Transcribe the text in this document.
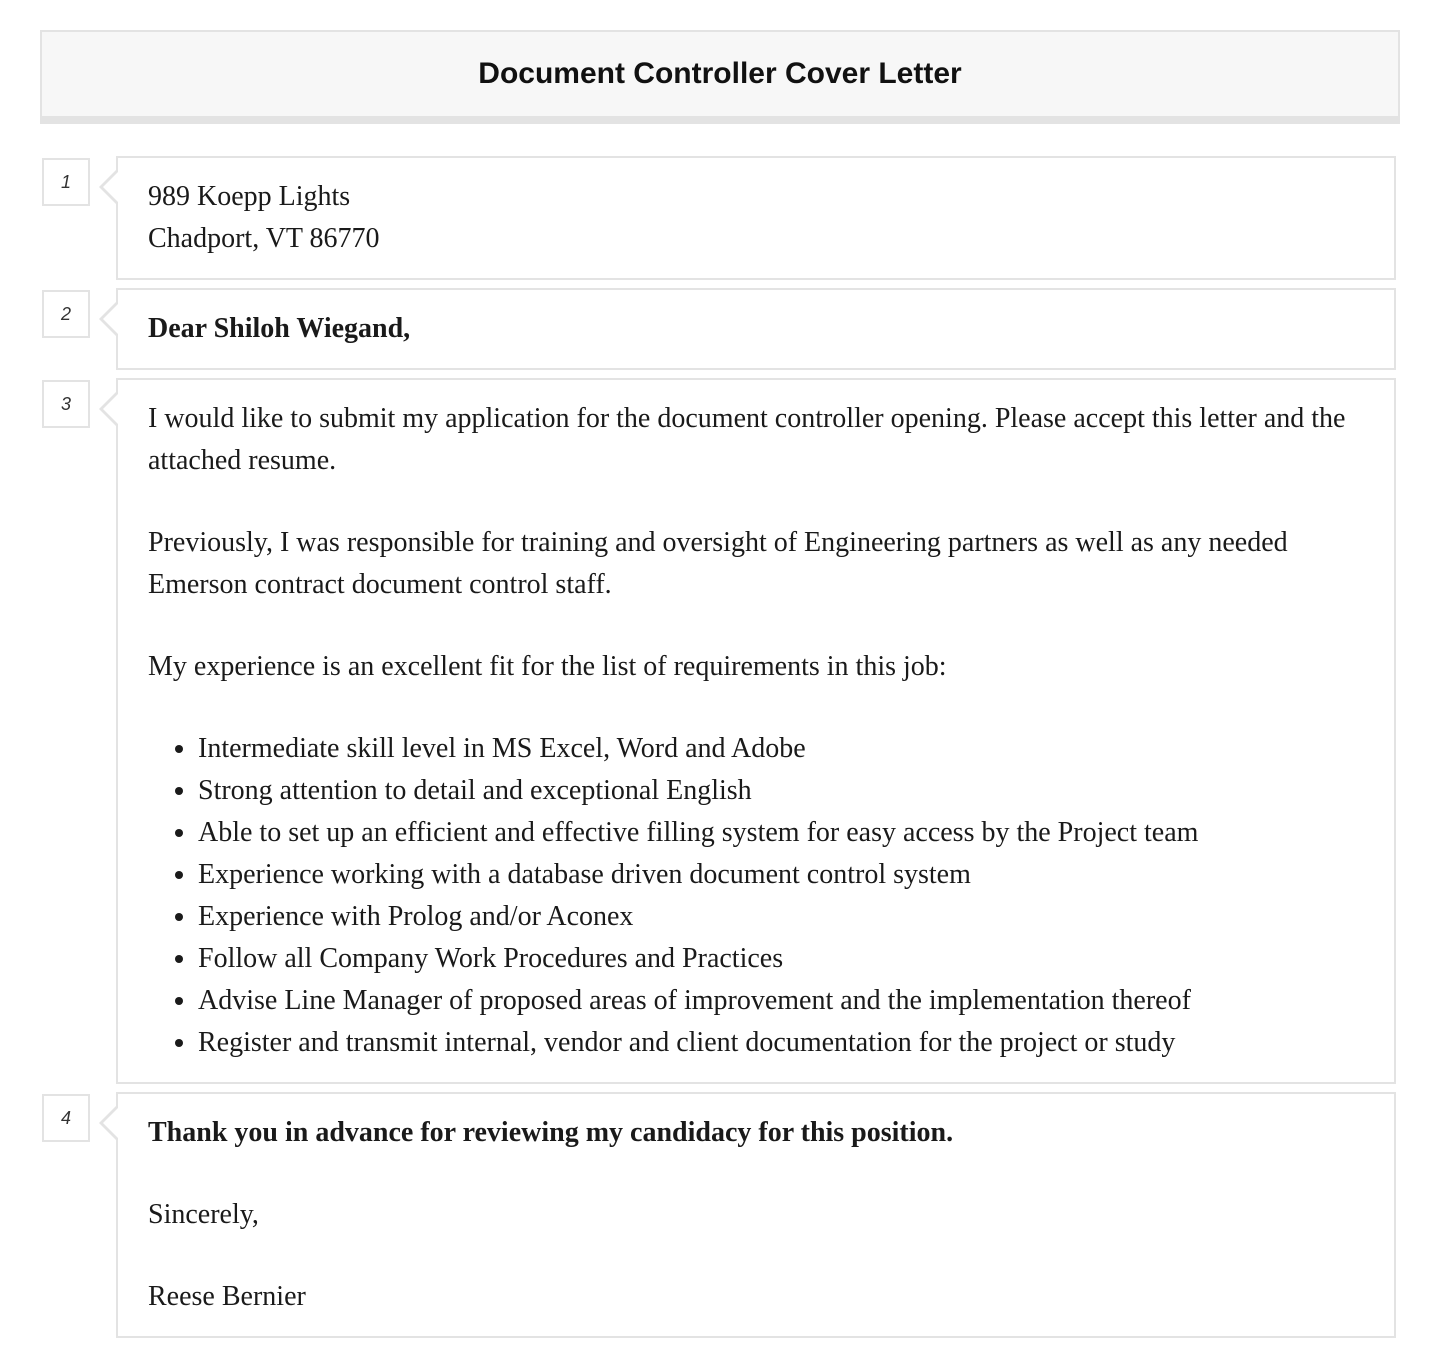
Document Controller Cover Letter
1	989 Koepp Lights

Chadport, VT 86770

2	Dear Shiloh Wiegand,

3	I would like to submit my application for the document controller opening. Please accept this letter and the attached resume.

Previously, I was responsible for training and oversight of Engineering partners as well as any needed Emerson contract document control staff.

My experience is an excellent fit for the list of requirements in this job:

• Intermediate skill level in MS Excel, Word and Adobe
• Strong attention to detail and exceptional English
• Able to set up an efficient and effective filling system for easy access by the Project team
• Experience working with a database driven document control system
• Experience with Prolog and/or Aconex
• Follow all Company Work Procedures and Practices
• Advise Line Manager of proposed areas of improvement and the implementation thereof
• Register and transmit internal, vendor and client documentation for the project or study
4	Thank you in advance for reviewing my candidacy for this position.

Sincerely,

Reese Bernier
